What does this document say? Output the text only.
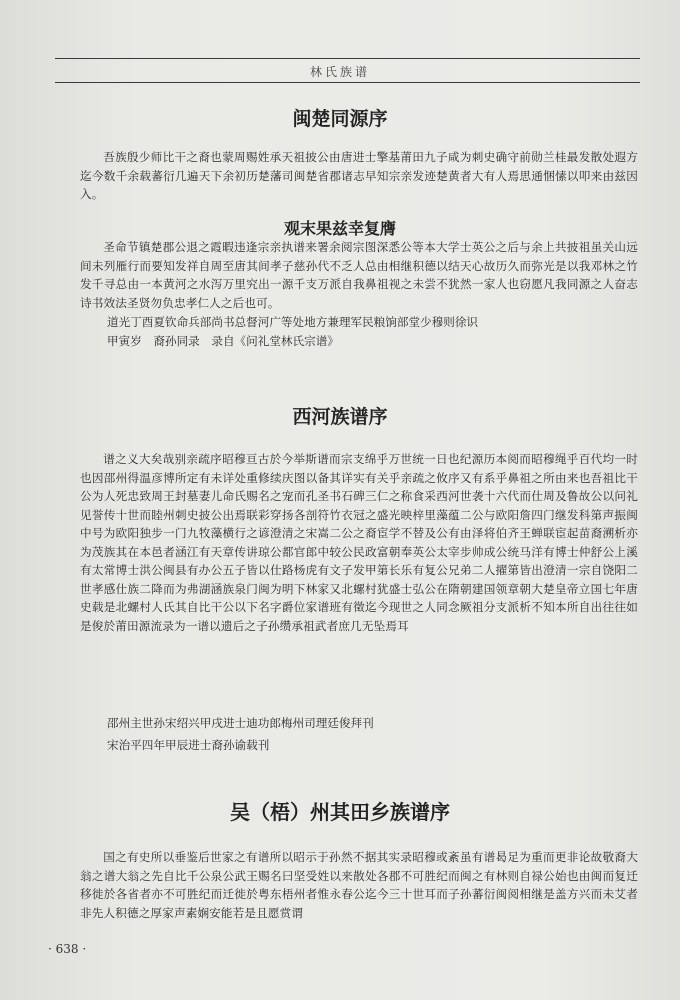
林氏族谱
闽楚同源序

吾族殷少师比干之裔也蒙周赐姓承天祖披公由唐进士擎基莆田九子咸为刺史确守前勋兰桂最发散处遐方迄今数千余载蕃衍几遍天下余初历楚藩司闽楚省郡诸志早知宗亲发迹楚黄者大有人焉思通悃愫以叩来由兹因入。

观末果兹幸复膺

圣命节镇楚郡公退之霞暇违逢宗亲执谱来署余阅宗图深悉公等本大学士英公之后与余上共披祖虽关山远间未列雁行而要知发祥自周至唐其间孝子慈孙代不乏人总由相继积德以结天心故历久而弥光是以我邓林之竹发千寻总由一本黄河之水泻万里究出一源千支万派自我鼻祖视之未尝不犹然一家人也窃愿凡我同源之人奋志诗书效法圣贤勿负忠孝仁人之后也可。

道光丁酉夏钦命兵部尚书总督河广等处地方兼理军民粮饷部堂少穆则徐识
甲寅岁　裔孙同录　录自《问礼堂林氏宗谱》
西河族谱序

谱之义大矣哉别亲疏序昭穆亘古於今举斯谱而宗支绵乎万世统一日也纪源历本阅而昭穆绳乎百代均一时也因邵州得温彦博所定有未详处重修续庆图以备其详实有关乎亲疏之攸序又有系乎鼻祖之所由来也吾祖比干公为人死忠致周王封墓妻儿命氏赐名之宠而孔圣书石碑三仁之称食采西河世袭十六代而仕周及鲁故公以问礼见誉传十世而睦州刺史披公出焉联彩穿扬各剖符竹衣冠之盛光映梓里藻蕴二公与欧阳詹四门继发科第声振闽中号为欧阳独步一门九牧藻横行之谚澄清之宋嵩二公之裔宦学不替及公有由泽将伯齐王蝉联宦起苗裔溯析亦为茂族其在本邑者涵江有天章传讲琼公都官郎中较公民政富朝奉英公太宰步帅成公统马洋有博士仲舒公上溪有太常博士洪公闽县有办公五子皆以仕路杨虎有文子发甲第长乐有复公兄弟二人擢第皆出澄清一宗自饶阳二世孝感仕族二降而为弗湖涵族泉门闽为明下林家又北螺村犹盛士弘公在隋朝建国领章朝大楚皇帝立国七年唐史载是北螺村人氏其自比干公以下名字爵位家谱班有徵迄今现世之人同念厥祖分支派析不知本所自出往往如是俊於莆田源流录为一谱以遗后之子孙缵承祖武者庶几无坠焉耳

邵州主世孙宋绍兴甲戌进士迪功郎梅州司理廷俊拜刊
宋治平四年甲辰进士裔孙谕载刊
吴（梧）州其田乡族谱序

国之有史所以垂鉴后世家之有谱所以昭示于孙然不据其实录昭穆或紊虽有谱曷足为重而更非论故敬裔大翁之谱大翁之先自比千公泉公武王赐名曰坚受姓以来散处各郡不可胜纪而闽之有林则自禄公始也由闽而复迁移徙於各省者亦不可胜纪而迁徙於粤东梧州者惟永春公迄今三十世耳而子孙蕃衍闽阅相继是盖方兴而未艾者非先人积德之厚家声素娴安能若是且愿赏谓

· 638 ·
